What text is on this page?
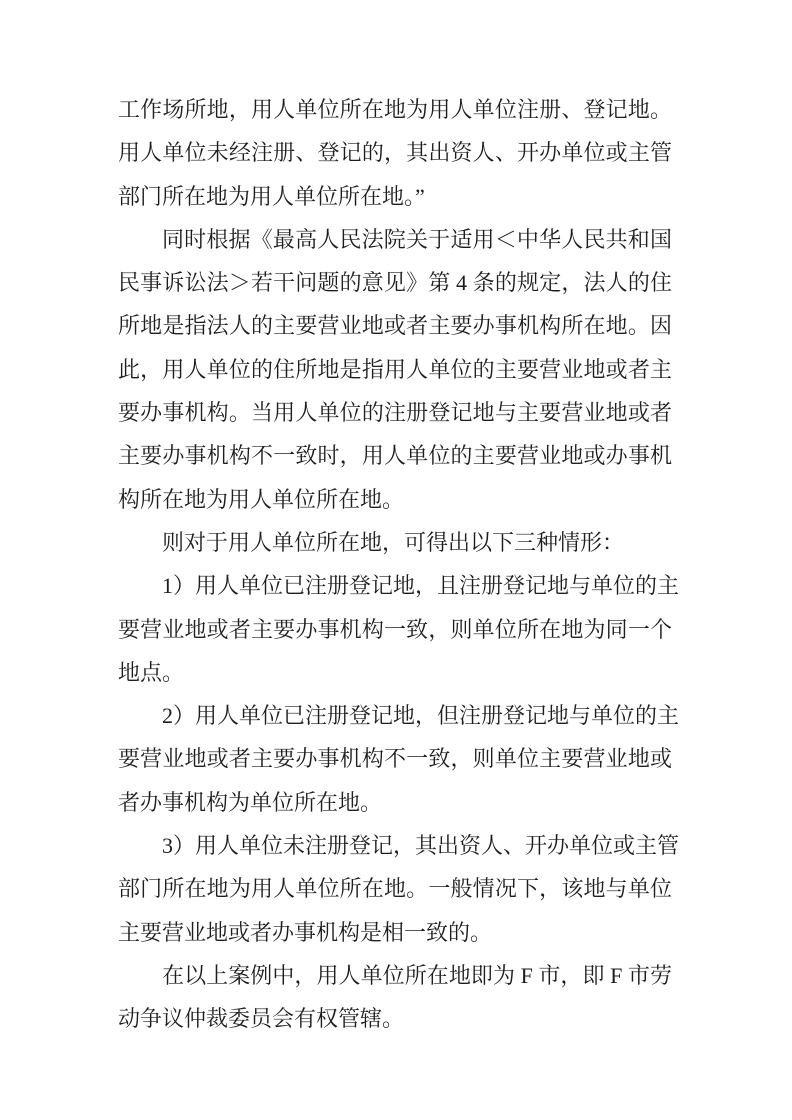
工作场所地，用人单位所在地为用人单位注册、登记地。
用人单位未经注册、登记的，其出资人、开办单位或主管
部门所在地为用人单位所在地。”
同时根据《最高人民法院关于适用＜中华人民共和国
民事诉讼法＞若干问题的意见》第 4 条的规定，法人的住
所地是指法人的主要营业地或者主要办事机构所在地。因
此，用人单位的住所地是指用人单位的主要营业地或者主
要办事机构。当用人单位的注册登记地与主要营业地或者
主要办事机构不一致时，用人单位的主要营业地或办事机
构所在地为用人单位所在地。
则对于用人单位所在地，可得出以下三种情形：
1）用人单位已注册登记地，且注册登记地与单位的主
要营业地或者主要办事机构一致，则单位所在地为同一个
地点。
2）用人单位已注册登记地，但注册登记地与单位的主
要营业地或者主要办事机构不一致，则单位主要营业地或
者办事机构为单位所在地。
3）用人单位未注册登记，其出资人、开办单位或主管
部门所在地为用人单位所在地。一般情况下，该地与单位
主要营业地或者办事机构是相一致的。
在以上案例中，用人单位所在地即为 F 市，即 F 市劳
动争议仲裁委员会有权管辖。
